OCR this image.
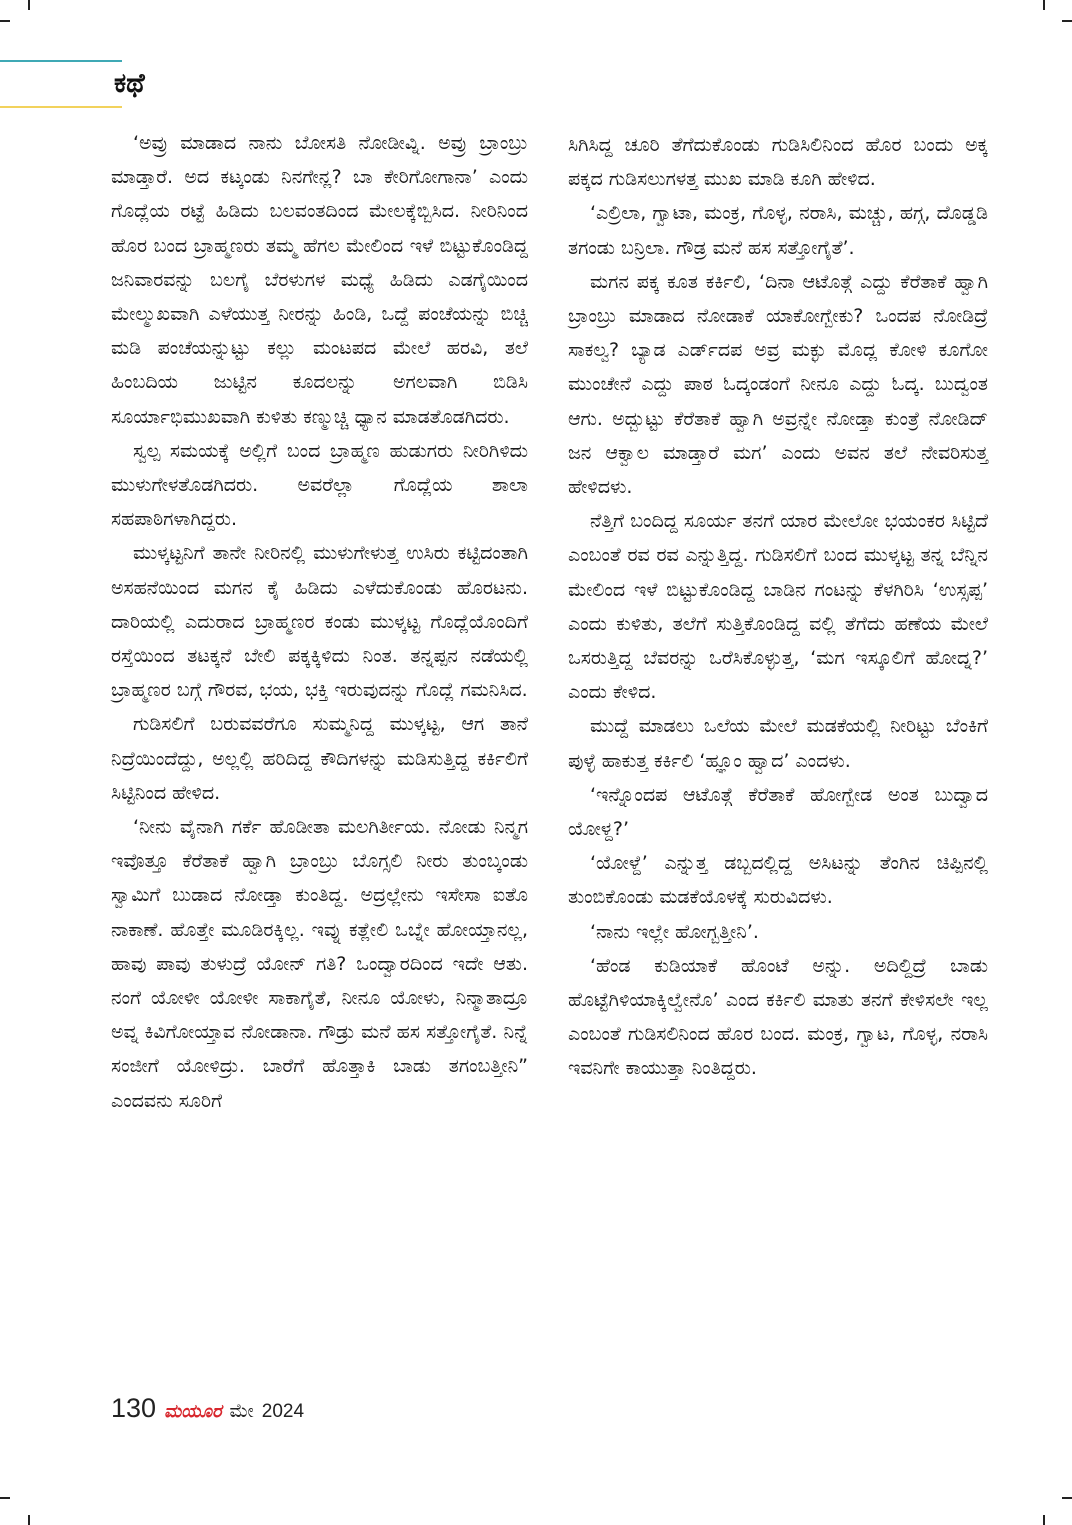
ಕಥೆ

‘ಅವ್ರು ಮಾಡಾದ ನಾನು ಬೋಸತಿ ನೋಡೀವ್ನಿ. ಅವ್ರು ಬ್ರಾಂಬ್ರು ಮಾಡ್ತಾರೆ. ಅದ ಕಟ್ಕಂಡು ನಿನಗೇನ್ಲ? ಬಾ ಕೇರಿಗೋಗಾನಾ’ ಎಂದು ಗೊದ್ಲೆಯ ರಟ್ಟೆ ಹಿಡಿದು ಬಲವಂತದಿಂದ ಮೇಲಕ್ಕೆಬ್ಬಿಸಿದ. ನೀರಿನಿಂದ ಹೊರ ಬಂದ ಬ್ರಾಹ್ಮಣರು ತಮ್ಮ ಹೆಗಲ ಮೇಲಿಂದ ಇಳೆ ಬಿಟ್ಟುಕೊಂಡಿದ್ದ ಜನಿವಾರವನ್ನು ಬಲಗೈ ಬೆರಳುಗಳ ಮಧ್ಯೆ ಹಿಡಿದು ಎಡಗೈಯಿಂದ ಮೇಲ್ಮುಖವಾಗಿ ಎಳೆಯುತ್ತ ನೀರನ್ನು ಹಿಂಡಿ, ಒದ್ದೆ ಪಂಚೆಯನ್ನು ಬಿಚ್ಚಿ ಮಡಿ ಪಂಚೆಯನ್ನುಟ್ಟು ಕಲ್ಲು ಮಂಟಪದ ಮೇಲೆ ಹರವಿ, ತಲೆ ಹಿಂಬದಿಯ ಜುಟ್ಟಿನ ಕೂದಲನ್ನು ಅಗಲವಾಗಿ ಬಿಡಿಸಿ ಸೂರ್ಯಾಭಿಮುಖವಾಗಿ ಕುಳಿತು ಕಣ್ಮುಚ್ಚಿ ಧ್ಯಾನ ಮಾಡತೊಡಗಿದರು.

ಸ್ವಲ್ಪ ಸಮಯಕ್ಕೆ ಅಲ್ಲಿಗೆ ಬಂದ ಬ್ರಾಹ್ಮಣ ಹುಡುಗರು ನೀರಿಗಿಳಿದು ಮುಳುಗೇಳತೊಡಗಿದರು. ಅವರೆಲ್ಲಾ ಗೊದ್ಲೆಯ ಶಾಲಾ ಸಹಪಾಠಿಗಳಾಗಿದ್ದರು.

ಮುಳ್ಕಟ್ಟನಿಗೆ ತಾನೇ ನೀರಿನಲ್ಲಿ ಮುಳುಗೇಳುತ್ತ ಉಸಿರು ಕಟ್ಟಿದಂತಾಗಿ ಅಸಹನೆಯಿಂದ ಮಗನ ಕೈ ಹಿಡಿದು ಎಳೆದುಕೊಂಡು ಹೊರಟನು. ದಾರಿಯಲ್ಲಿ ಎದುರಾದ ಬ್ರಾಹ್ಮಣರ ಕಂಡು ಮುಳ್ಕಟ್ಟ ಗೊದ್ಲೆಯೊಂದಿಗೆ ರಸ್ತೆಯಿಂದ ತಟಕ್ಕನೆ ಬೇಲಿ ಪಕ್ಕಕ್ಕಿಳಿದು ನಿಂತ. ತನ್ನಪ್ಪನ ನಡೆಯಲ್ಲಿ ಬ್ರಾಹ್ಮಣರ ಬಗ್ಗೆ ಗೌರವ, ಭಯ, ಭಕ್ತಿ ಇರುವುದನ್ನು ಗೊದ್ಲೆ ಗಮನಿಸಿದ.

ಗುಡಿಸಲಿಗೆ ಬರುವವರೆಗೂ ಸುಮ್ಮನಿದ್ದ ಮುಳ್ಕಟ್ಟ, ಆಗ ತಾನೆ ನಿದ್ರೆಯಿಂದೆದ್ದು, ಅಲ್ಲಲ್ಲಿ ಹರಿದಿದ್ದ ಕೌದಿಗಳನ್ನು ಮಡಿಸುತ್ತಿದ್ದ ಕರ್ಕಿಲಿಗೆ ಸಿಟ್ಟಿನಿಂದ ಹೇಳಿದ.

‘ನೀನು ವೈನಾಗಿ ಗರ್ಕೆ ಹೊಡೀತಾ ಮಲಗಿರ್ತೀಯ. ನೋಡು ನಿನ್ಮಗ ಇವೊತ್ತೂ ಕೆರೆತಾಕೆ ಹ್ವಾಗಿ ಬ್ರಾಂಬ್ರು ಬೊಗ್ಸಲಿ ನೀರು ತುಂಬ್ಕಂಡು ಸ್ವಾಮಿಗೆ ಬುಡಾದ ನೋಡ್ತಾ ಕುಂತಿದ್ದ. ಅದ್ರಲ್ಲೇನು ಇಸೇಸಾ ಐತೊ ನಾಕಾಣೆ. ಹೊತ್ತೇ ಮೂಡಿರಕ್ಕಿಲ್ಲ. ಇವ್ನು ಕತ್ಲೇಲಿ ಒಬ್ನೇ ಹೋಯ್ತಾನಲ್ಲ, ಹಾವು ಪಾವು ತುಳುದ್ರೆ ಯೋನ್ ಗತಿ? ಒಂದ್ವಾರದಿಂದ ಇದೇ ಆತು. ನಂಗೆ ಯೋಳೀ ಯೋಳೀ ಸಾಕಾಗೈತೆ, ನೀನೂ ಯೋಳು, ನಿನ್ಮಾತಾದ್ರೂ ಅವ್ನ ಕಿವಿಗೋಯ್ತಾವ ನೋಡಾನಾ. ಗೌಡ್ರು ಮನೆ ಹಸ ಸತ್ತೋಗೈತೆ. ನಿನ್ನೆ ಸಂಜೀಗೆ ಯೋಳಿದ್ರು. ಬಾರೆಗೆ ಹೊತ್ತಾಕಿ ಬಾಡು ತಗಂಬತ್ತೀನಿ” ಎಂದವನು ಸೂರಿಗೆ

ಸಿಗಿಸಿದ್ದ ಚೂರಿ ತೆಗೆದುಕೊಂಡು ಗುಡಿಸಿಲಿನಿಂದ ಹೊರ ಬಂದು ಅಕ್ಕ ಪಕ್ಕದ ಗುಡಿಸಲುಗಳತ್ತ ಮುಖ ಮಾಡಿ ಕೂಗಿ ಹೇಳಿದ.

‘ಎಲ್ರಿಲಾ, ಗ್ವಾಟಾ, ಮಂಕ್ರ, ಗೊಳ್ಳ, ನರಾಸಿ, ಮಚ್ಚು, ಹಗ್ಗ, ದೊಡ್ಡಡಿ ತಗಂಡು ಬನ್ರಿಲಾ. ಗೌಡ್ರ ಮನೆ ಹಸ ಸತ್ತೋಗೈತೆ’.

ಮಗನ ಪಕ್ಕ ಕೂತ ಕರ್ಕಿಲಿ, ‘ದಿನಾ ಆಟೊತ್ಗೆ ಎದ್ದು ಕೆರೆತಾಕೆ ಹ್ವಾಗಿ ಬ್ರಾಂಬ್ರು ಮಾಡಾದ ನೋಡಾಕೆ ಯಾಕೋಗ್ಬೇಕು? ಒಂದಪ ನೋಡಿದ್ರೆ ಸಾಕಲ್ವ? ಬ್ಯಾಡ ಎರ್ಡ್‌ದಪ ಅವ್ರ ಮಕ್ಳು ಮೊದ್ಲ ಕೋಳಿ ಕೂಗೋ ಮುಂಚೇನೆ ಎದ್ದು ಪಾಠ ಓದ್ಕಂಡಂಗೆ ನೀನೂ ಎದ್ದು ಓದ್ಕ. ಬುದ್ವಂತ ಆಗು. ಅದ್ಬುಟ್ಟು ಕೆರೆತಾಕೆ ಹ್ವಾಗಿ ಅವ್ರನ್ನೇ ನೋಡ್ತಾ ಕುಂತ್ರೆ ನೋಡಿದ್ ಜನ ಆಕ್ವಾಲ ಮಾಡ್ತಾರೆ ಮಗ’ ಎಂದು ಅವನ ತಲೆ ನೇವರಿಸುತ್ತ ಹೇಳಿದಳು.

ನೆತ್ತಿಗೆ ಬಂದಿದ್ದ ಸೂರ್ಯ ತನಗೆ ಯಾರ ಮೇಲೋ ಭಯಂಕರ ಸಿಟ್ಟಿದೆ ಎಂಬಂತೆ ರವ ರವ ಎನ್ನುತ್ತಿದ್ದ. ಗುಡಿಸಲಿಗೆ ಬಂದ ಮುಳ್ಕಟ್ಟ ತನ್ನ ಬೆನ್ನಿನ ಮೇಲಿಂದ ಇಳೆ ಬಿಟ್ಟುಕೊಂಡಿದ್ದ ಬಾಡಿನ ಗಂಟನ್ನು ಕೆಳಗಿರಿಸಿ ‘ಉಸ್ಸಪ್ಪ’ ಎಂದು ಕುಳಿತು, ತಲೆಗೆ ಸುತ್ತಿಕೊಂಡಿದ್ದ ವಲ್ಲಿ ತೆಗೆದು ಹಣೆಯ ಮೇಲೆ ಒಸರುತ್ತಿದ್ದ ಬೆವರನ್ನು ಒರೆಸಿಕೊಳ್ಳುತ್ತ, ‘ಮಗ ಇಸ್ಕೂಲಿಗೆ ಹೋದ್ನ?’ ಎಂದು ಕೇಳಿದ.

ಮುದ್ದೆ ಮಾಡಲು ಒಲೆಯ ಮೇಲೆ ಮಡಕೆಯಲ್ಲಿ ನೀರಿಟ್ಟು ಬೆಂಕಿಗೆ ಪುಳ್ಳೆ ಹಾಕುತ್ತ ಕರ್ಕಿಲಿ ‘ಹ್ಞೂಂ ಹ್ವಾದ’ ಎಂದಳು.

‘ಇನ್ನೊಂದಪ ಆಟೊತ್ಗೆ ಕೆರೆತಾಕೆ ಹೋಗ್ಬೇಡ ಅಂತ ಬುದ್ವಾದ ಯೋಳ್ದ?’

‘ಯೋಳ್ದೆ’ ಎನ್ನುತ್ತ ಡಬ್ಬದಲ್ಲಿದ್ದ ಅಸಿಟನ್ನು ತೆಂಗಿನ ಚಿಪ್ಪಿನಲ್ಲಿ ತುಂಬಿಕೊಂಡು ಮಡಕೆಯೊಳಕ್ಕೆ ಸುರುವಿದಳು.

‘ನಾನು ಇಲ್ಲೇ ಹೋಗ್ಬತ್ತೀನಿ’.

‘ಹೆಂಡ ಕುಡಿಯಾಕೆ ಹೊಂಟೆ ಅನ್ನು. ಅದಿಲ್ದಿದ್ರೆ ಬಾಡು ಹೊಟ್ಟೆಗಿಳಿಯಾಕ್ಕಿಲ್ವೇನೊ’ ಎಂದ ಕರ್ಕಿಲಿ ಮಾತು ತನಗೆ ಕೇಳಿಸಲೇ ಇಲ್ಲ ಎಂಬಂತೆ ಗುಡಿಸಲಿನಿಂದ ಹೊರ ಬಂದ. ಮಂಕ್ರ, ಗ್ವಾಟ, ಗೊಳ್ಳ, ನರಾಸಿ ಇವನಿಗೇ ಕಾಯುತ್ತಾ ನಿಂತಿದ್ದರು.

130 ಮಯೂರ ಮೇ 2024
